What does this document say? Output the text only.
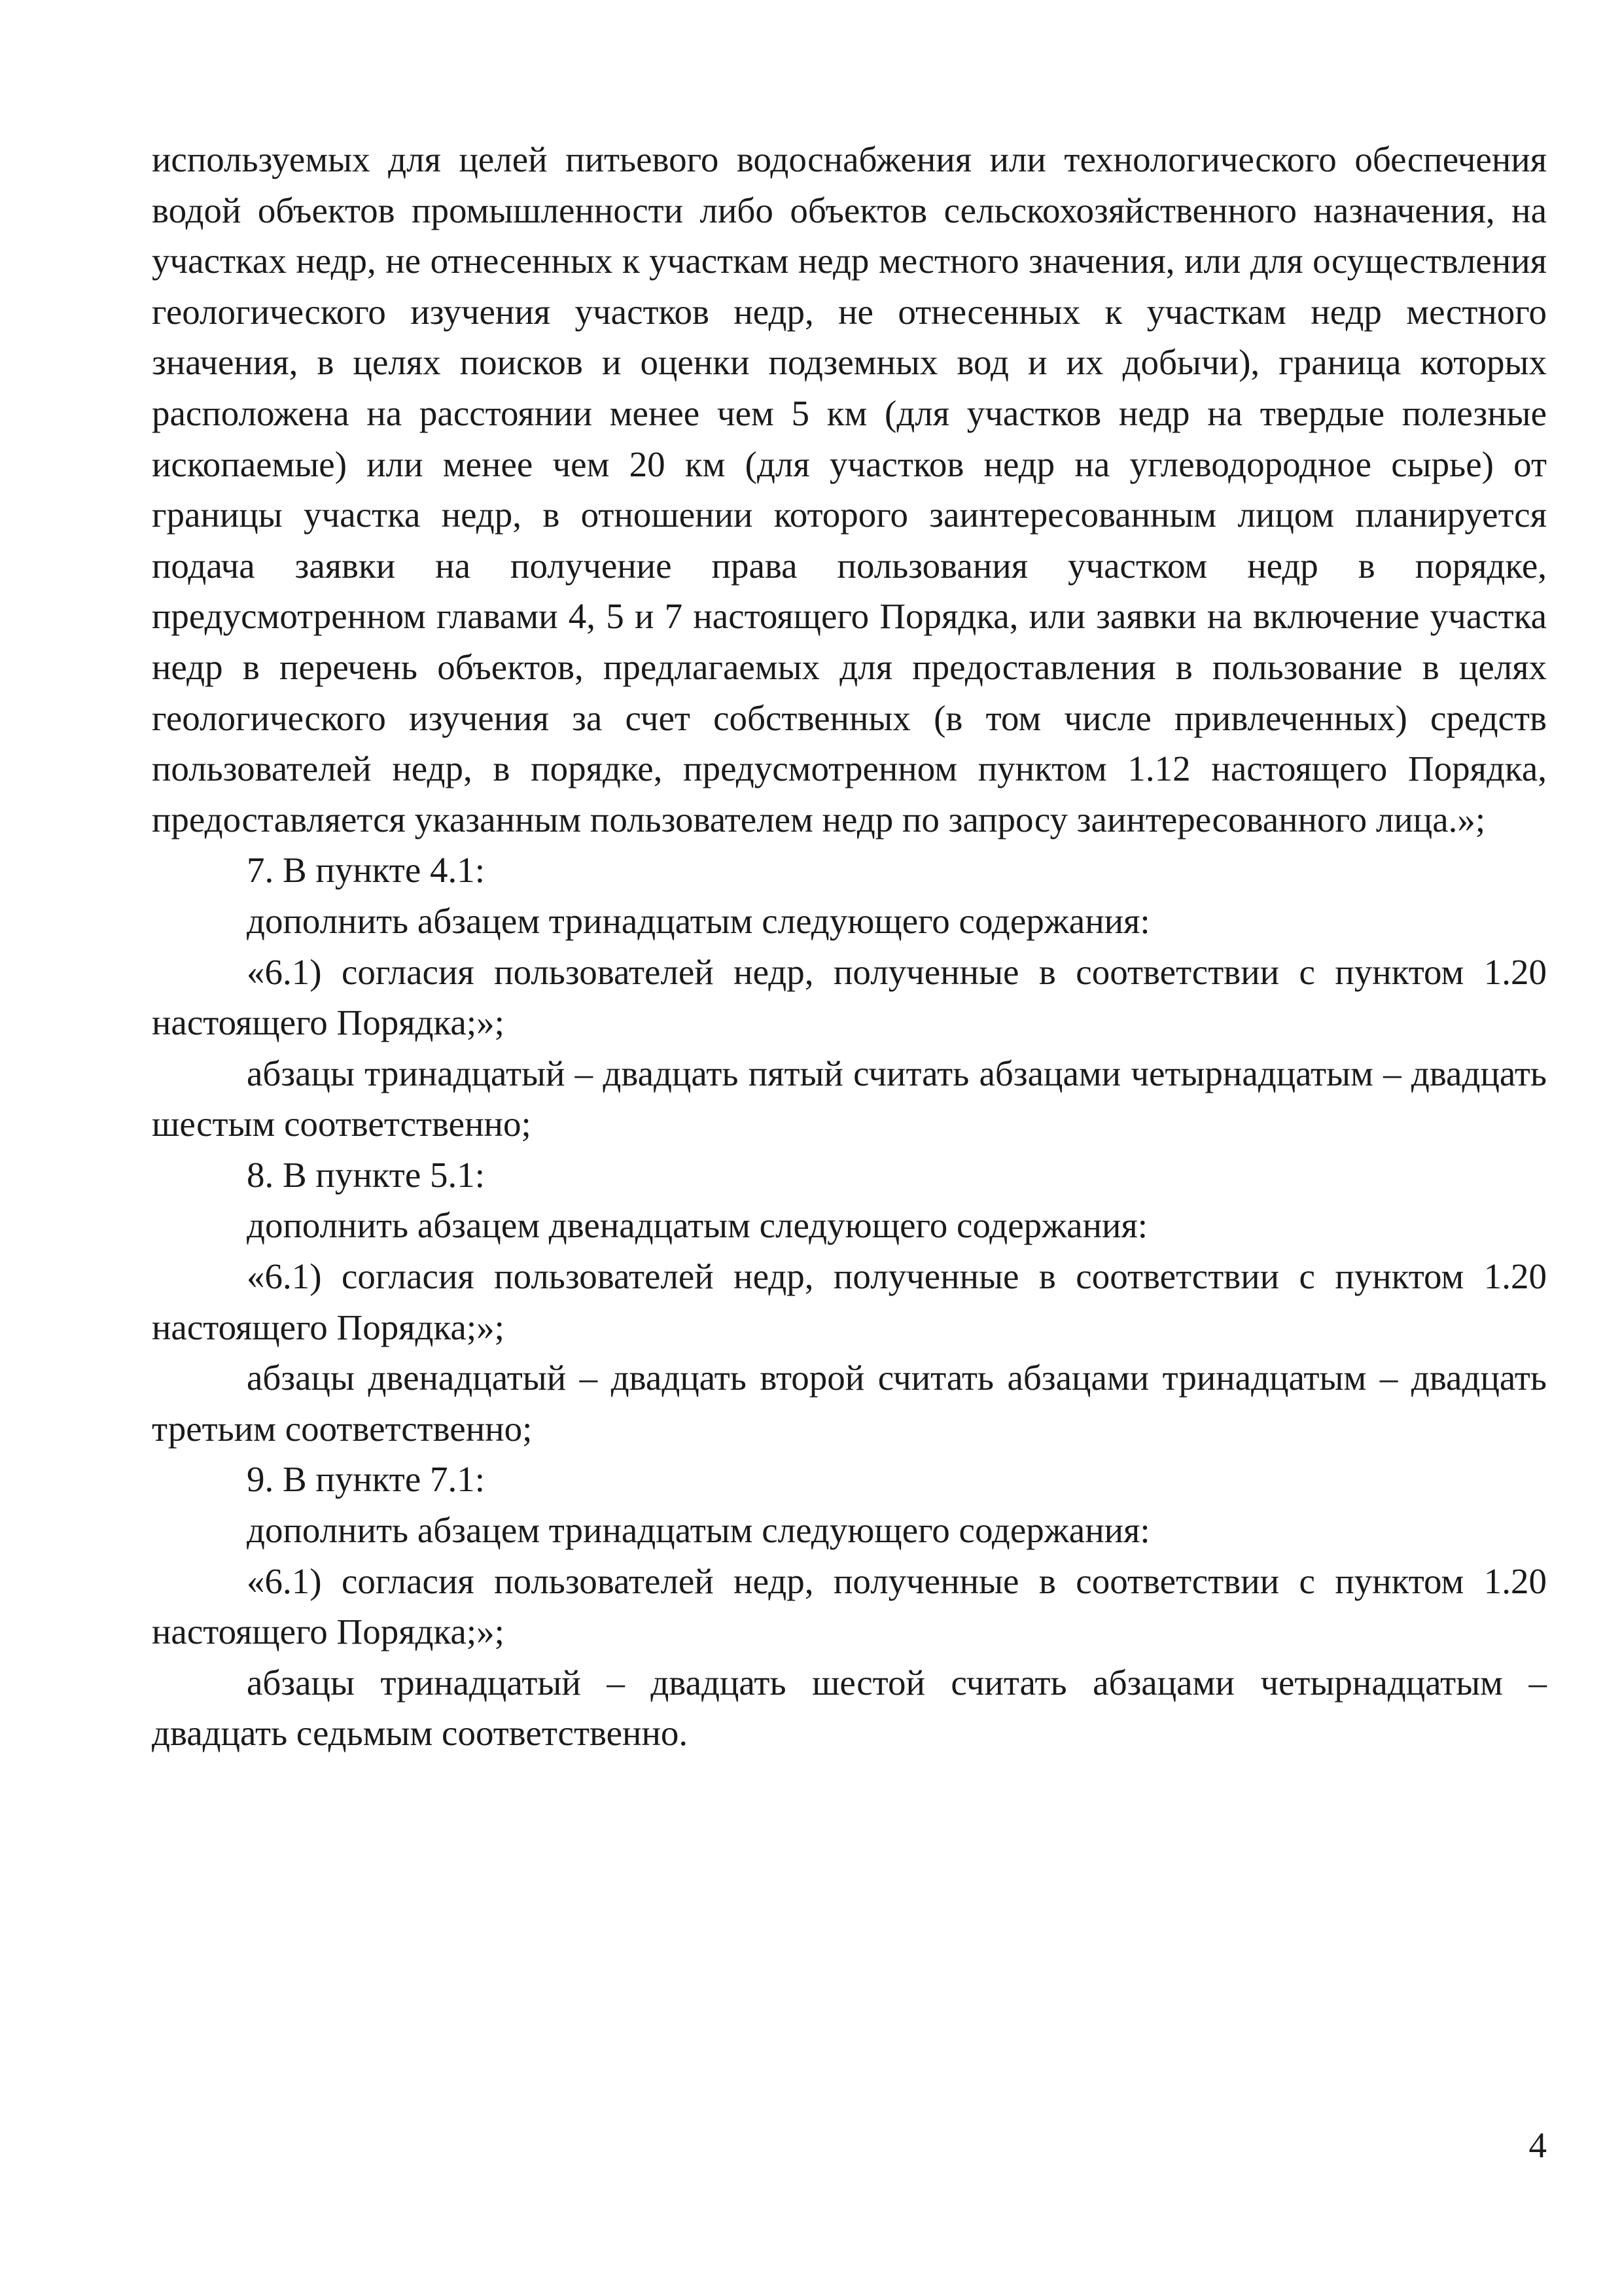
используемых для целей питьевого водоснабжения или технологического обеспечения водой объектов промышленности либо объектов сельскохозяйственного назначения, на участках недр, не отнесенных к участкам недр местного значения, или для осуществления геологического изучения участков недр, не отнесенных к участкам недр местного значения, в целях поисков и оценки подземных вод и их добычи), граница которых расположена на расстоянии менее чем 5 км (для участков недр на твердые полезные ископаемые) или менее чем 20 км (для участков недр на углеводородное сырье) от границы участка недр, в отношении которого заинтересованным лицом планируется подача заявки на получение права пользования участком недр в порядке, предусмотренном главами 4, 5 и 7 настоящего Порядка, или заявки на включение участка недр в перечень объектов, предлагаемых для предоставления в пользование в целях геологического изучения за счет собственных (в том числе привлеченных) средств пользователей недр, в порядке, предусмотренном пунктом 1.12 настоящего Порядка, предоставляется указанным пользователем недр по запросу заинтересованного лица.»;

7. В пункте 4.1:

дополнить абзацем тринадцатым следующего содержания:

«6.1) согласия пользователей недр, полученные в соответствии с пунктом 1.20 настоящего Порядка;»;

абзацы тринадцатый – двадцать пятый считать абзацами четырнадцатым – двадцать шестым соответственно;

8. В пункте 5.1:

дополнить абзацем двенадцатым следующего содержания:

«6.1) согласия пользователей недр, полученные в соответствии с пунктом 1.20 настоящего Порядка;»;

абзацы двенадцатый – двадцать второй считать абзацами тринадцатым – двадцать третьим соответственно;

9. В пункте 7.1:

дополнить абзацем тринадцатым следующего содержания:

«6.1) согласия пользователей недр, полученные в соответствии с пунктом 1.20 настоящего Порядка;»;

абзацы тринадцатый – двадцать шестой считать абзацами четырнадцатым – двадцать седьмым соответственно.

4
